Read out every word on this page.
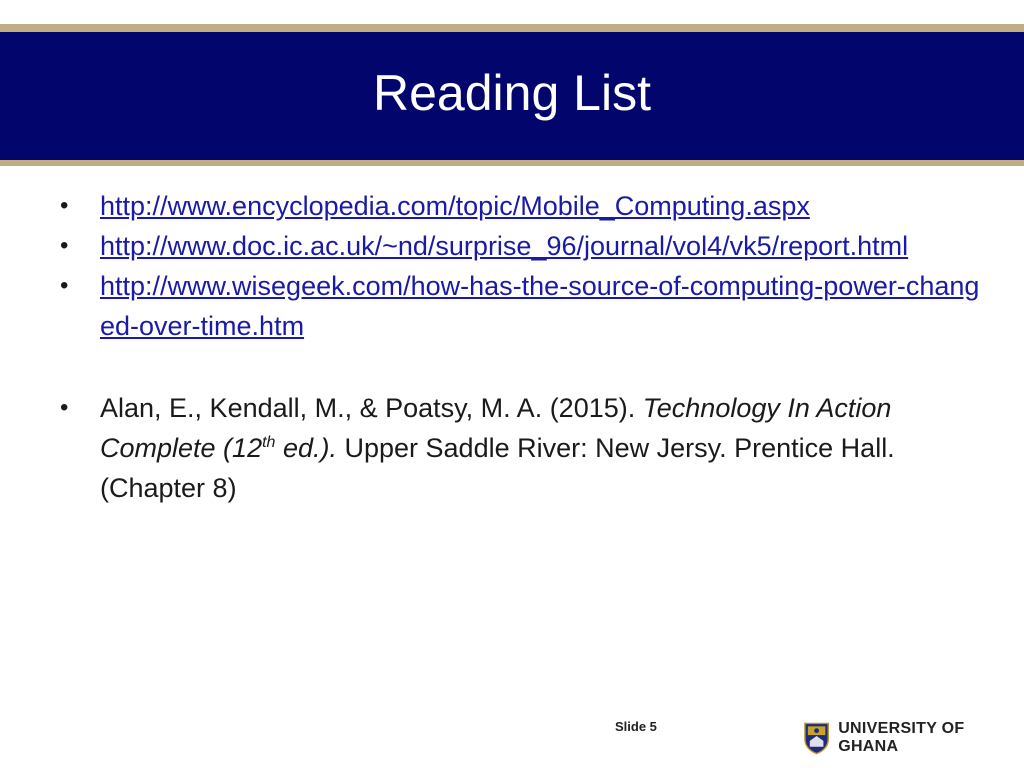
Reading List
• http://www.encyclopedia.com/topic/Mobile_Computing.aspx
• http://www.doc.ic.ac.uk/~nd/surprise_96/journal/vol4/vk5/report.html
• http://www.wisegeek.com/how-has-the-source-of-computing-power-changed-over-time.htm
• Alan, E., Kendall, M., & Poatsy, M. A. (2015). Technology In Action Complete (12th ed.). Upper Saddle River: New Jersy. Prentice Hall. (Chapter 8)
Slide 5	UNIVERSITY OF GHANA
